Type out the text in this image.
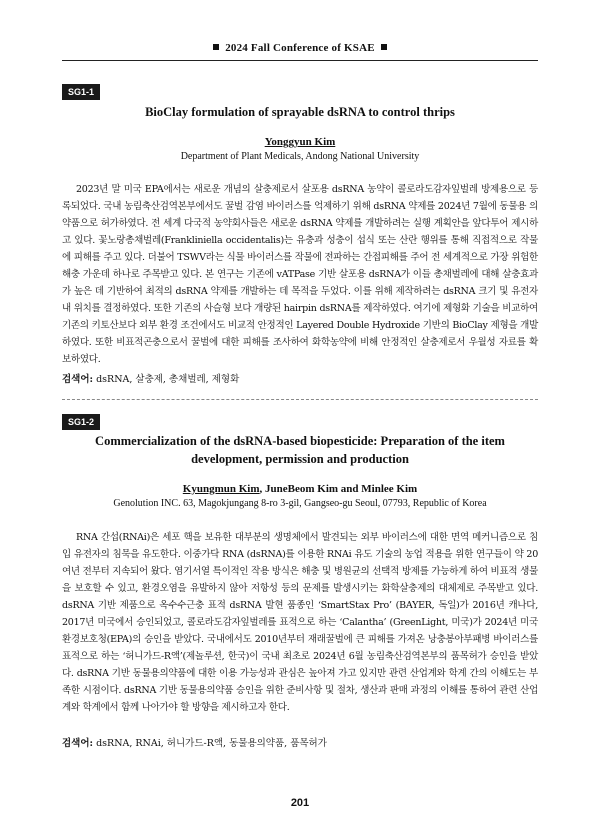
2024 Fall Conference of KSAE
SG1-1
BioClay formulation of sprayable dsRNA to control thrips
Yonggyun Kim
Department of Plant Medicals, Andong National University
2023년 말 미국 EPA에서는 새로운 개념의 살충제로서 살포용 dsRNA 농약이 콜로라도감자잎벌레 방제용으로 등록되었다. 국내 농림축산검역본부에서도 꿀벌 감염 바이러스를 억제하기 위해 dsRNA 약제를 2024년 7월에 동물용 의약품으로 허가하였다. 전 세계 다국적 농약회사들은 새로운 dsRNA 약제를 개발하려는 실행 계획안을 앞다투어 제시하고 있다. 꽃노랑총채벌레(Frankliniella occidentalis)는 유충과 성충이 섭식 또는 산란 행위를 통해 직접적으로 작물에 피해를 주고 있다. 더불어 TSWV라는 식물 바이러스를 작물에 전파하는 간접피해를 주어 전 세계적으로 가장 위험한 해충 가운데 하나로 주목받고 있다. 본 연구는 기존에 vATPase 기반 살포용 dsRNA가 이들 총채벌레에 대해 살충효과가 높은 데 기반하여 최적의 dsRNA 약제를 개발하는 데 목적을 두었다. 이를 위해 제작하려는 dsRNA 크기 및 유전자 내 위치를 결정하였다. 또한 기존의 사슬형 보다 개량된 hairpin dsRNA를 제작하였다. 여기에 제형화 기술을 비교하여 기존의 키토산보다 외부 환경 조건에서도 비교적 안정적인 Layered Double Hydroxide 기반의 BioClay 제형을 개발하였다. 또한 비표적곤충으로서 꿀벌에 대한 피해를 조사하여 화학농약에 비해 안정적인 살충제로서 우월성 자료를 확보하였다.
검색어: dsRNA, 살충제, 총채벌레, 제형화
SG1-2
Commercialization of the dsRNA-based biopesticide: Preparation of the item
development, permission and production
Kyungmun Kim, JuneBeom Kim and Minlee Kim
Genolution INC. 63, Magokjungang 8-ro 3-gil, Gangseo-gu Seoul, 07793, Republic of Korea
RNA 간섭(RNAi)은 세포 핵을 보유한 대부분의 생명체에서 발견되는 외부 바이러스에 대한 면역 메커니즘으로 침입 유전자의 침묵을 유도한다. 이중가닥 RNA (dsRNA)를 이용한 RNAi 유도 기술의 농업 적용을 위한 연구들이 약 20여년 전부터 지속되어 왔다. 염기서열 특이적인 작용 방식은 해충 및 병원균의 선택적 방제를 가능하게 하여 비표적 생물을 보호할 수 있고, 환경오염을 유발하지 않아 저항성 등의 문제를 발생시키는 화학살충제의 대체제로 주목받고 있다. dsRNA 기반 제품으로 옥수수근충 표적 dsRNA 발현 품종인 ‘SmartStax Pro’ (BAYER, 독일)가 2016년 캐나다, 2017년 미국에서 승인되었고, 콜로라도감자잎벌레를 표적으로 하는 ‘Calantha’ (GreenLight, 미국)가 2024년 미국 환경보호청(EPA)의 승인을 받았다. 국내에서도 2010년부터 재래꿀벌에 큰 피해를 가져온 낭충봉아부패병 바이러스를 표적으로 하는 ‘허니가드-R액’(제놀루션, 한국)이 국내 최초로 2024년 6월 농림축산검역본부의 품목허가 승인을 받았다. dsRNA 기반 동물용의약품에 대한 이용 가능성과 관심은 높아져 가고 있지만 관련 산업계와 학계 간의 이해도는 부족한 시점이다. dsRNA 기반 동물용의약품 승인을 위한 준비사항 및 절차, 생산과 판매 과정의 이해를 통하여 관련 산업계와 학계에서 함께 나아가야 할 방향을 제시하고자 한다.
검색어: dsRNA, RNAi, 허니가드-R액, 동물용의약품, 품목허가
201
